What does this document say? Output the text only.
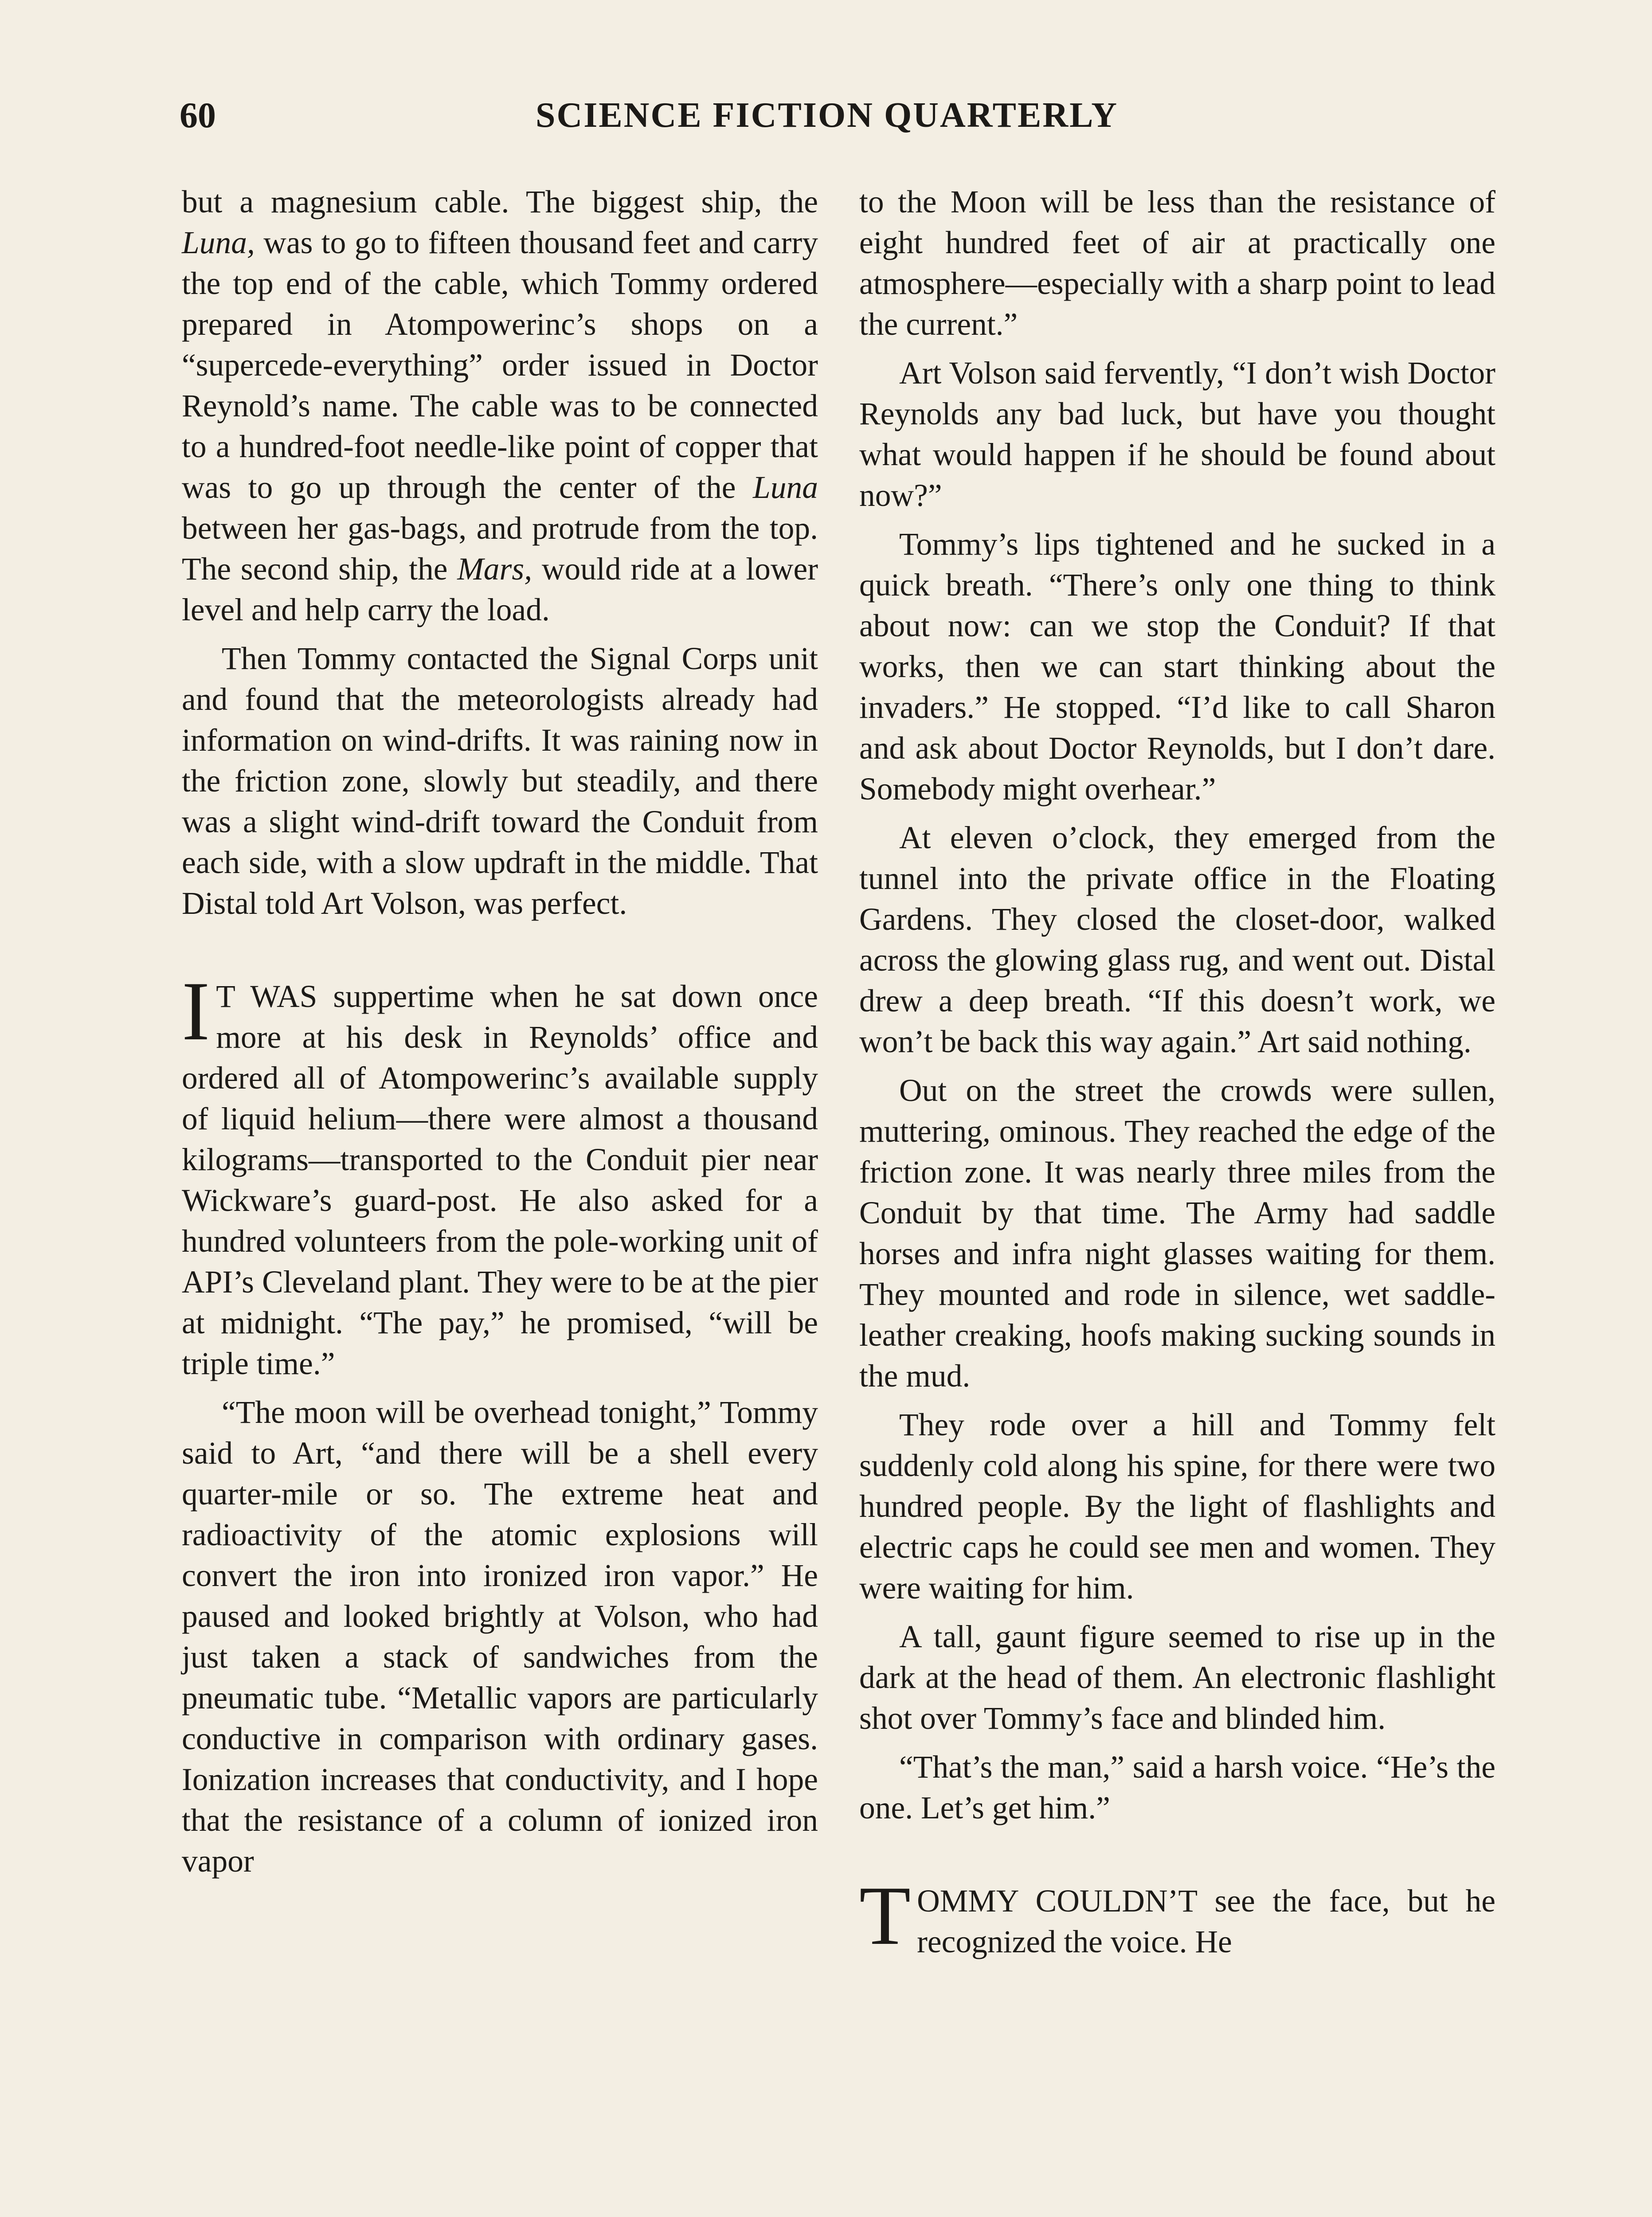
60	SCIENCE FICTION QUARTERLY

but a magnesium cable. The biggest ship, the Luna, was to go to fifteen thousand feet and carry the top end of the cable, which Tommy ordered prepared in Atompowerinc’s shops on a “supercede-everything” order issued in Doctor Reynold’s name. The cable was to be connected to a hundred-foot needle-like point of copper that was to go up through the center of the Luna between her gas-bags, and protrude from the top. The second ship, the Mars, would ride at a lower level and help carry the load.

Then Tommy contacted the Signal Corps unit and found that the meteorologists already had information on wind-drifts. It was raining now in the friction zone, slowly but steadily, and there was a slight wind-drift toward the Conduit from each side, with a slow updraft in the middle. That Distal told Art Volson, was perfect.

I T WAS suppertime when he sat down once more at his desk in Reynolds’ office and ordered all of Atompowerinc’s available supply of liquid helium—there were almost a thousand kilograms—transported to the Conduit pier near Wickware’s guard-post. He also asked for a hundred volunteers from the pole-working unit of API’s Cleveland plant. They were to be at the pier at midnight. “The pay,” he promised, “will be triple time.”

“The moon will be overhead tonight,” Tommy said to Art, “and there will be a shell every quarter-mile or so. The extreme heat and radioactivity of the atomic explosions will convert the iron into ironized iron vapor.” He paused and looked brightly at Volson, who had just taken a stack of sandwiches from the pneumatic tube. “Metallic vapors are particularly conductive in comparison with ordinary gases. Ionization increases that conductivity, and I hope that the resistance of a column of ionized iron vapor

to the Moon will be less than the resistance of eight hundred feet of air at practically one atmosphere—especially with a sharp point to lead the current.”

Art Volson said fervently, “I don’t wish Doctor Reynolds any bad luck, but have you thought what would happen if he should be found about now?”

Tommy’s lips tightened and he sucked in a quick breath. “There’s only one thing to think about now: can we stop the Conduit? If that works, then we can start thinking about the invaders.” He stopped. “I’d like to call Sharon and ask about Doctor Reynolds, but I don’t dare. Somebody might overhear.”

At eleven o’clock, they emerged from the tunnel into the private office in the Floating Gardens. They closed the closet-door, walked across the glowing glass rug, and went out. Distal drew a deep breath. “If this doesn’t work, we won’t be back this way again.” Art said nothing.

Out on the street the crowds were sullen, muttering, ominous. They reached the edge of the friction zone. It was nearly three miles from the Conduit by that time. The Army had saddle horses and infra night glasses waiting for them. They mounted and rode in silence, wet saddle-leather creaking, hoofs making sucking sounds in the mud.

They rode over a hill and Tommy felt suddenly cold along his spine, for there were two hundred people. By the light of flashlights and electric caps he could see men and women. They were waiting for him.

A tall, gaunt figure seemed to rise up in the dark at the head of them. An electronic flashlight shot over Tommy’s face and blinded him.

“That’s the man,” said a harsh voice. “He’s the one. Let’s get him.”

TOMMY COULDN’T see the face, but he recognized the voice. He
